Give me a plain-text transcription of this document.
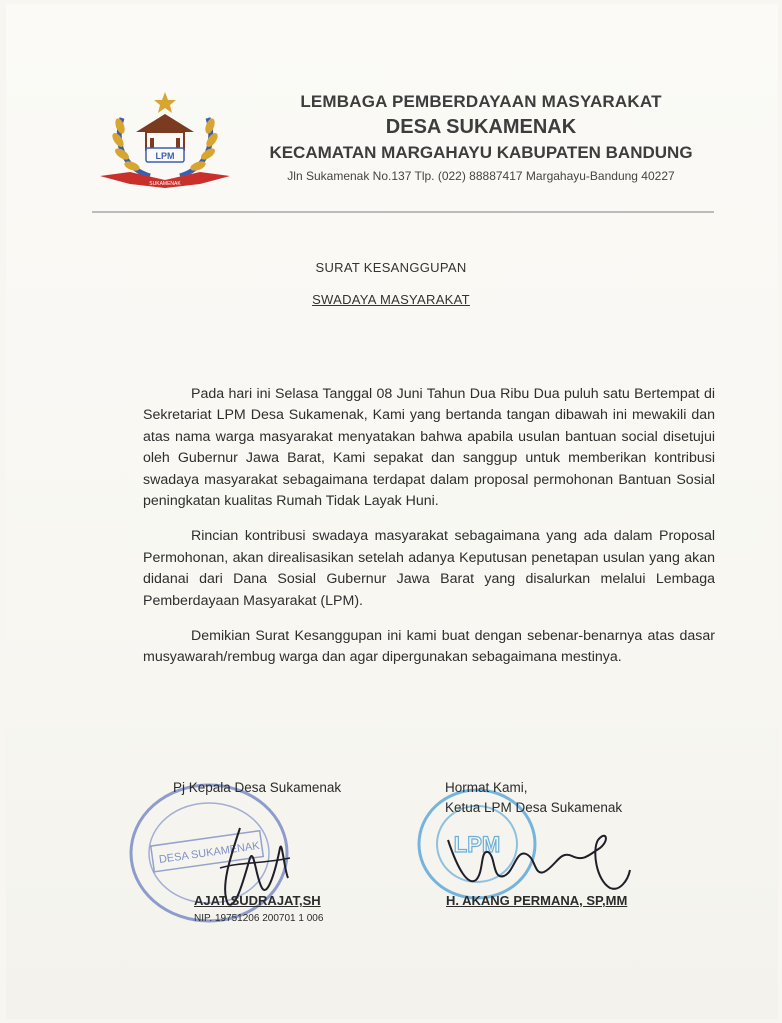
LPM
SUKAMENAK
LEMBAGA PEMBERDAYAAN MASYARAKAT
DESA SUKAMENAK
KECAMATAN MARGAHAYU KABUPATEN BANDUNG
Jln Sukamenak No.137 Tlp. (022) 88887417 Margahayu-Bandung 40227
SURAT KESANGGUPAN
SWADAYA MASYARAKAT

Pada hari ini Selasa Tanggal 08 Juni Tahun Dua Ribu Dua puluh satu Bertempat di Sekretariat LPM Desa Sukamenak, Kami yang bertanda tangan dibawah ini mewakili dan atas nama warga masyarakat menyatakan bahwa apabila usulan bantuan social disetujui oleh Gubernur Jawa Barat, Kami sepakat dan sanggup untuk memberikan kontribusi swadaya masyarakat sebagaimana terdapat dalam proposal permohonan Bantuan Sosial peningkatan kualitas Rumah Tidak Layak Huni.

Rincian kontribusi swadaya masyarakat sebagaimana yang ada dalam Proposal Permohonan, akan direalisasikan setelah adanya Keputusan penetapan usulan yang akan didanai dari Dana Sosial Gubernur Jawa Barat yang disalurkan melalui Lembaga Pemberdayaan Masyarakat (LPM).

Demikian Surat Kesanggupan ini kami buat dengan sebenar-benarnya atas dasar musyawarah/rembug warga dan agar dipergunakan sebagaimana mestinya.

DESA SUKAMENAK	LPM
Pj Kepala Desa Sukamenak	Hormat Kami,
Ketua LPM Desa Sukamenak
AJAT SUDRAJAT,SH
NIP. 19751206 200701 1 006
H. AKANG PERMANA, SP,MM
